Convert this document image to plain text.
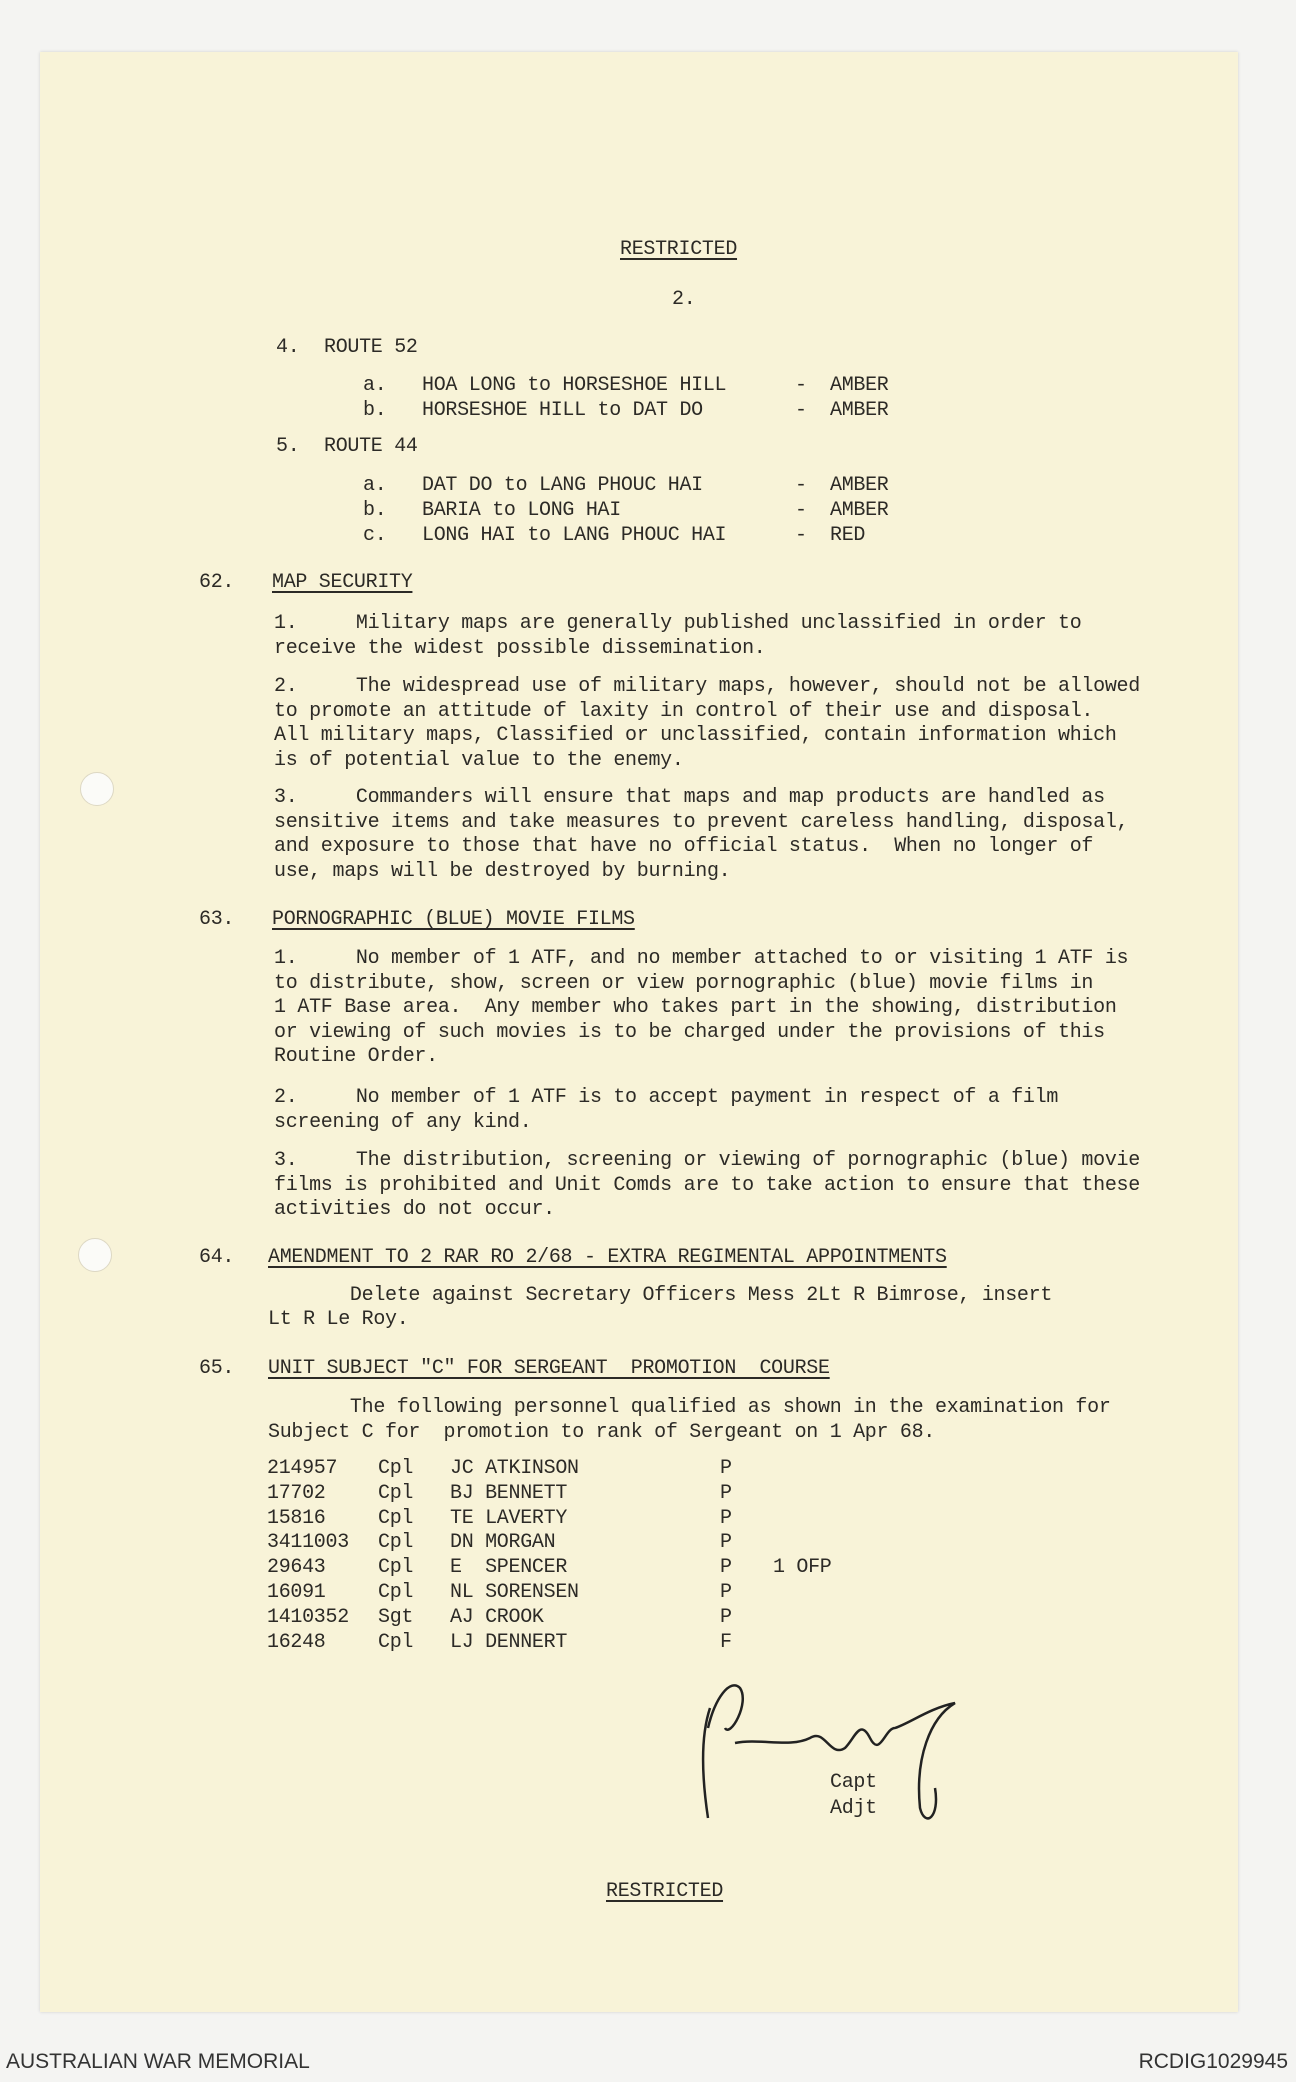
RESTRICTED
2.
4. ROUTE 52
a. HOA LONG to HORSESHOE HILL	- AMBER
b. HORSESHOE HILL to DAT DO	- AMBER
5. ROUTE 44
a. DAT DO to LANG PHOUC HAI	- AMBER
b. BARIA to LONG HAI	- AMBER
c. LONG HAI to LANG PHOUC HAI	- RED
62. MAP SECURITY
1.     Military maps are generally published unclassified in order to
receive the widest possible dissemination.
2.     The widespread use of military maps, however, should not be allowed
to promote an attitude of laxity in control of their use and disposal.
All military maps, Classified or unclassified, contain information which
is of potential value to the enemy.
3.     Commanders will ensure that maps and map products are handled as
sensitive items and take measures to prevent careless handling, disposal,
and exposure to those that have no official status.  When no longer of
use, maps will be destroyed by burning.
63. PORNOGRAPHIC (BLUE) MOVIE FILMS
1.     No member of 1 ATF, and no member attached to or visiting 1 ATF is
to distribute, show, screen or view pornographic (blue) movie films in
1 ATF Base area.  Any member who takes part in the showing, distribution
or viewing of such movies is to be charged under the provisions of this
Routine Order.
2.     No member of 1 ATF is to accept payment in respect of a film
screening of any kind.
3.     The distribution, screening or viewing of pornographic (blue) movie
films is prohibited and Unit Comds are to take action to ensure that these
activities do not occur.
64. AMENDMENT TO 2 RAR RO 2/68 - EXTRA REGIMENTAL APPOINTMENTS
Delete against Secretary Officers Mess 2Lt R Bimrose, insert
Lt R Le Roy.
65. UNIT SUBJECT "C" FOR SERGEANT  PROMOTION  COURSE
The following personnel qualified as shown in the examination for
Subject C for  promotion to rank of Sergeant on 1 Apr 68.
214957 Cpl JC ATKINSON	P
17702	Cpl BJ BENNETT	P
15816	Cpl TE LAVERTY	P
3411003 Cpl DN MORGAN	P
29643	Cpl E  SPENCER	P 1 OFP
16091	Cpl NL SORENSEN	P
1410352 Sgt AJ CROOK	P
16248	Cpl LJ DENNERT	F
Capt
Adjt
RESTRICTED
AUSTRALIAN WAR MEMORIAL	RCDIG1029945
